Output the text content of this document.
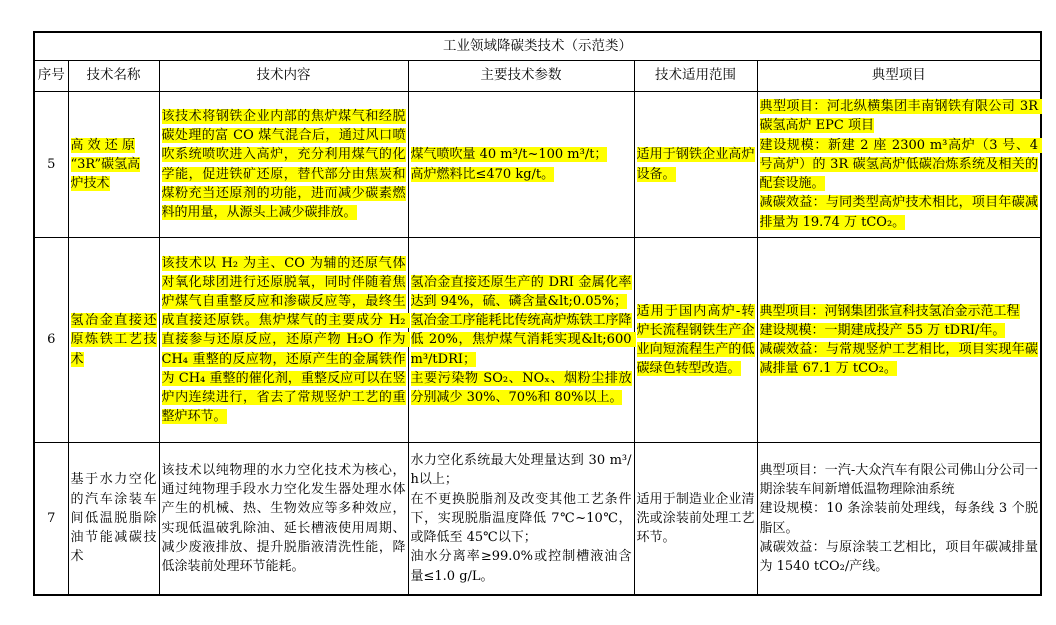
工业领域降碳类技术（示范类）					
序号	技术名称	技术内容	主要技术参数	技术适用范围	典型项目
5	高 效 还 原
“3R”碳氢高
炉技术	该技术将钢铁企业内部的焦炉煤气和经脱碳处理的富 CO 煤气混合后，通过风口喷吹系统喷吹进入高炉，充分利用煤气的化学能，促进铁矿还原，替代部分由焦炭和煤粉充当还原剂的功能，进而减少碳素燃料的用量，从源头上减少碳排放。	煤气喷吹量 40 m³/t~100 m³/t；
高炉燃料比≤470 kg/t。	适用于钢铁企业高炉设备。	典型项目：河北纵横集团丰南钢铁有限公司 3R 碳氢高炉 EPC 项目
建设规模：新建 2 座 2300 m³高炉（3 号、4 号高炉）的 3R 碳氢高炉低碳冶炼系统及相关的配套设施。
减碳效益：与同类型高炉技术相比，项目年碳减排量为 19.74 万 tCO₂。
6	氢冶金直接还原炼铁工艺技术	该技术以 H₂ 为主、CO 为辅的还原气体对氧化球团进行还原脱氧，同时伴随着焦炉煤气自重整反应和渗碳反应等，最终生成直接还原铁。焦炉煤气的主要成分 H₂ 直接参与还原反应，还原产物 H₂O 作为 CH₄ 重整的反应物，还原产生的金属铁作为 CH₄ 重整的催化剂，重整反应可以在竖炉内连续进行，省去了常规竖炉工艺的重整炉环节。	氢冶金直接还原生产的 DRI 金属化率达到 94%，硫、磷含量&lt;0.05%；
氢冶金工序能耗比传统高炉炼铁工序降低 20%，焦炉煤气消耗实现&lt;600 m³/tDRI；
主要污染物 SO₂、NOₓ、烟粉尘排放分别减少 30%、70%和 80%以上。	适用于国内高炉-转炉长流程钢铁生产企业向短流程生产的低碳绿色转型改造。	典型项目：河钢集团张宣科技氢冶金示范工程
建设规模：一期建成投产 55 万 tDRI/年。
减碳效益：与常规竖炉工艺相比，项目实现年碳减排量 67.1 万 tCO₂。
7	基于水力空化的汽车涂装车间低温脱脂除油节能减碳技术	该技术以纯物理的水力空化技术为核心，通过纯物理手段水力空化发生器处理水体产生的机械、热、生物效应等多种效应，实现低温破乳除油、延长槽液使用周期、减少废液排放、提升脱脂液清洗性能，降低涂装前处理环节能耗。	水力空化系统最大处理量达到 30 m³/h以上；
在不更换脱脂剂及改变其他工艺条件下，实现脱脂温度降低 7℃~10℃，或降低至 45℃以下；
油水分离率≥99.0%或控制槽液油含量≤1.0 g/L。	适用于制造业企业清洗或涂装前处理工艺环节。	典型项目：一汽-大众汽车有限公司佛山分公司一期涂装车间新增低温物理除油系统
建设规模：10 条涂装前处理线，每条线 3 个脱脂区。
减碳效益：与原涂装工艺相比，项目年碳减排量为 1540 tCO₂/产线。
